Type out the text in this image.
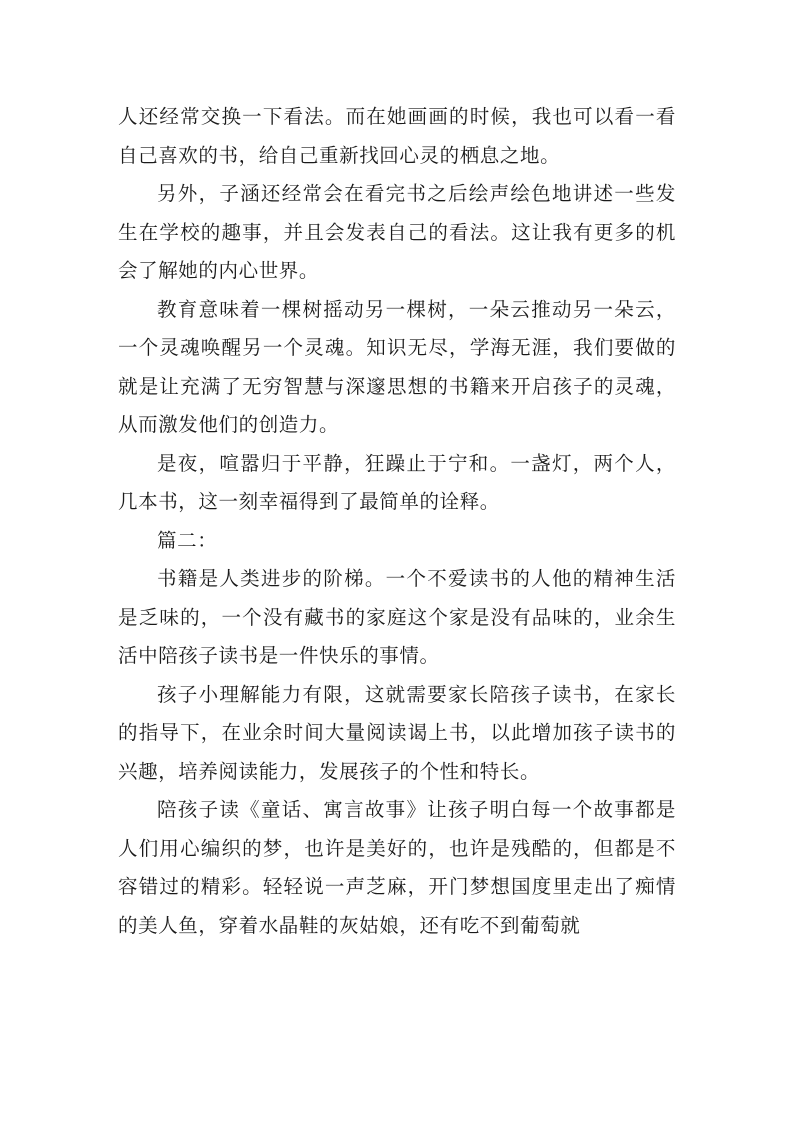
人还经常交换一下看法。而在她画画的时候，我也可以看一看自己喜欢的书，给自己重新找回心灵的栖息之地。

另外，子涵还经常会在看完书之后绘声绘色地讲述一些发生在学校的趣事，并且会发表自己的看法。这让我有更多的机会了解她的内心世界。

教育意味着一棵树摇动另一棵树，一朵云推动另一朵云，一个灵魂唤醒另一个灵魂。知识无尽，学海无涯，我们要做的就是让充满了无穷智慧与深邃思想的书籍来开启孩子的灵魂，从而激发他们的创造力。

是夜，喧嚣归于平静，狂躁止于宁和。一盏灯，两个人，几本书，这一刻幸福得到了最简单的诠释。

篇二：

书籍是人类进步的阶梯。一个不爱读书的人他的精神生活是乏味的，一个没有藏书的家庭这个家是没有品味的，业余生活中陪孩子读书是一件快乐的事情。

孩子小理解能力有限，这就需要家长陪孩子读书，在家长的指导下，在业余时间大量阅读谒上书，以此增加孩子读书的兴趣，培养阅读能力，发展孩子的个性和特长。

陪孩子读《童话、寓言故事》让孩子明白每一个故事都是人们用心编织的梦，也许是美好的，也许是残酷的，但都是不容错过的精彩。轻轻说一声芝麻，开门梦想国度里走出了痴情的美人鱼，穿着水晶鞋的灰姑娘，还有吃不到葡萄就
